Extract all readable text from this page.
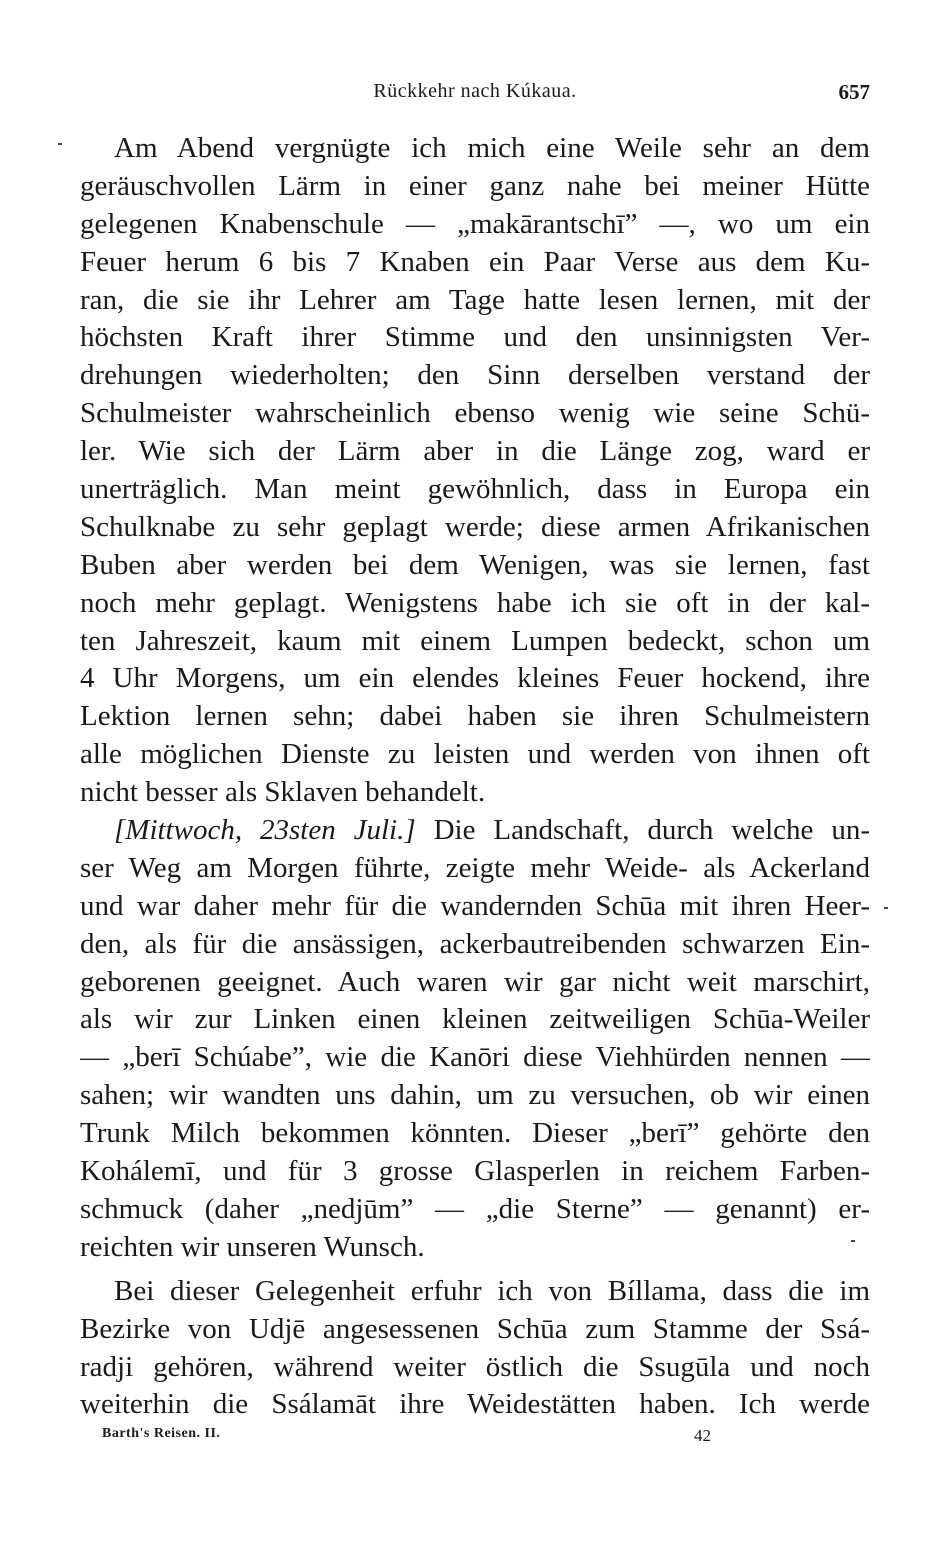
Rückkehr nach Kúkaua.	657
Am Abend vergnügte ich mich eine Weile sehr an dem
geräuschvollen Lärm in einer ganz nahe bei meiner Hütte
gelegenen Knabenschule — „makārantschī” —, wo um ein
Feuer herum 6 bis 7 Knaben ein Paar Verse aus dem Ku-
ran, die sie ihr Lehrer am Tage hatte lesen lernen, mit der
höchsten Kraft ihrer Stimme und den unsinnigsten Ver-
drehungen wiederholten; den Sinn derselben verstand der
Schulmeister wahrscheinlich ebenso wenig wie seine Schü-
ler. Wie sich der Lärm aber in die Länge zog, ward er
unerträglich. Man meint gewöhnlich, dass in Europa ein
Schulknabe zu sehr geplagt werde; diese armen Afrikanischen
Buben aber werden bei dem Wenigen, was sie lernen, fast
noch mehr geplagt. Wenigstens habe ich sie oft in der kal-
ten Jahreszeit, kaum mit einem Lumpen bedeckt, schon um
4 Uhr Morgens, um ein elendes kleines Feuer hockend, ihre
Lektion lernen sehn; dabei haben sie ihren Schulmeistern
alle möglichen Dienste zu leisten und werden von ihnen oft
nicht besser als Sklaven behandelt.
[Mittwoch, 23sten Juli.] Die Landschaft, durch welche un-
ser Weg am Morgen führte, zeigte mehr Weide- als Ackerland
und war daher mehr für die wandernden Schūa mit ihren Heer-
den, als für die ansässigen, ackerbautreibenden schwarzen Ein-
geborenen geeignet. Auch waren wir gar nicht weit marschirt,
als wir zur Linken einen kleinen zeitweiligen Schūa-Weiler
— „berī Schúabe”, wie die Kanōri diese Viehhürden nennen —
sahen; wir wandten uns dahin, um zu versuchen, ob wir einen
Trunk Milch bekommen könnten. Dieser „berī” gehörte den
Kohálemī, und für 3 grosse Glasperlen in reichem Farben-
schmuck (daher „nedjūm” — „die Sterne” — genannt) er-
reichten wir unseren Wunsch.
Bei dieser Gelegenheit erfuhr ich von Bíllama, dass die im
Bezirke von Udjē angesessenen Schūa zum Stamme der Ssá-
radji gehören, während weiter östlich die Ssugūla und noch
weiterhin die Ssálamāt ihre Weidestätten haben. Ich werde
Barth's Reisen. II.	42
